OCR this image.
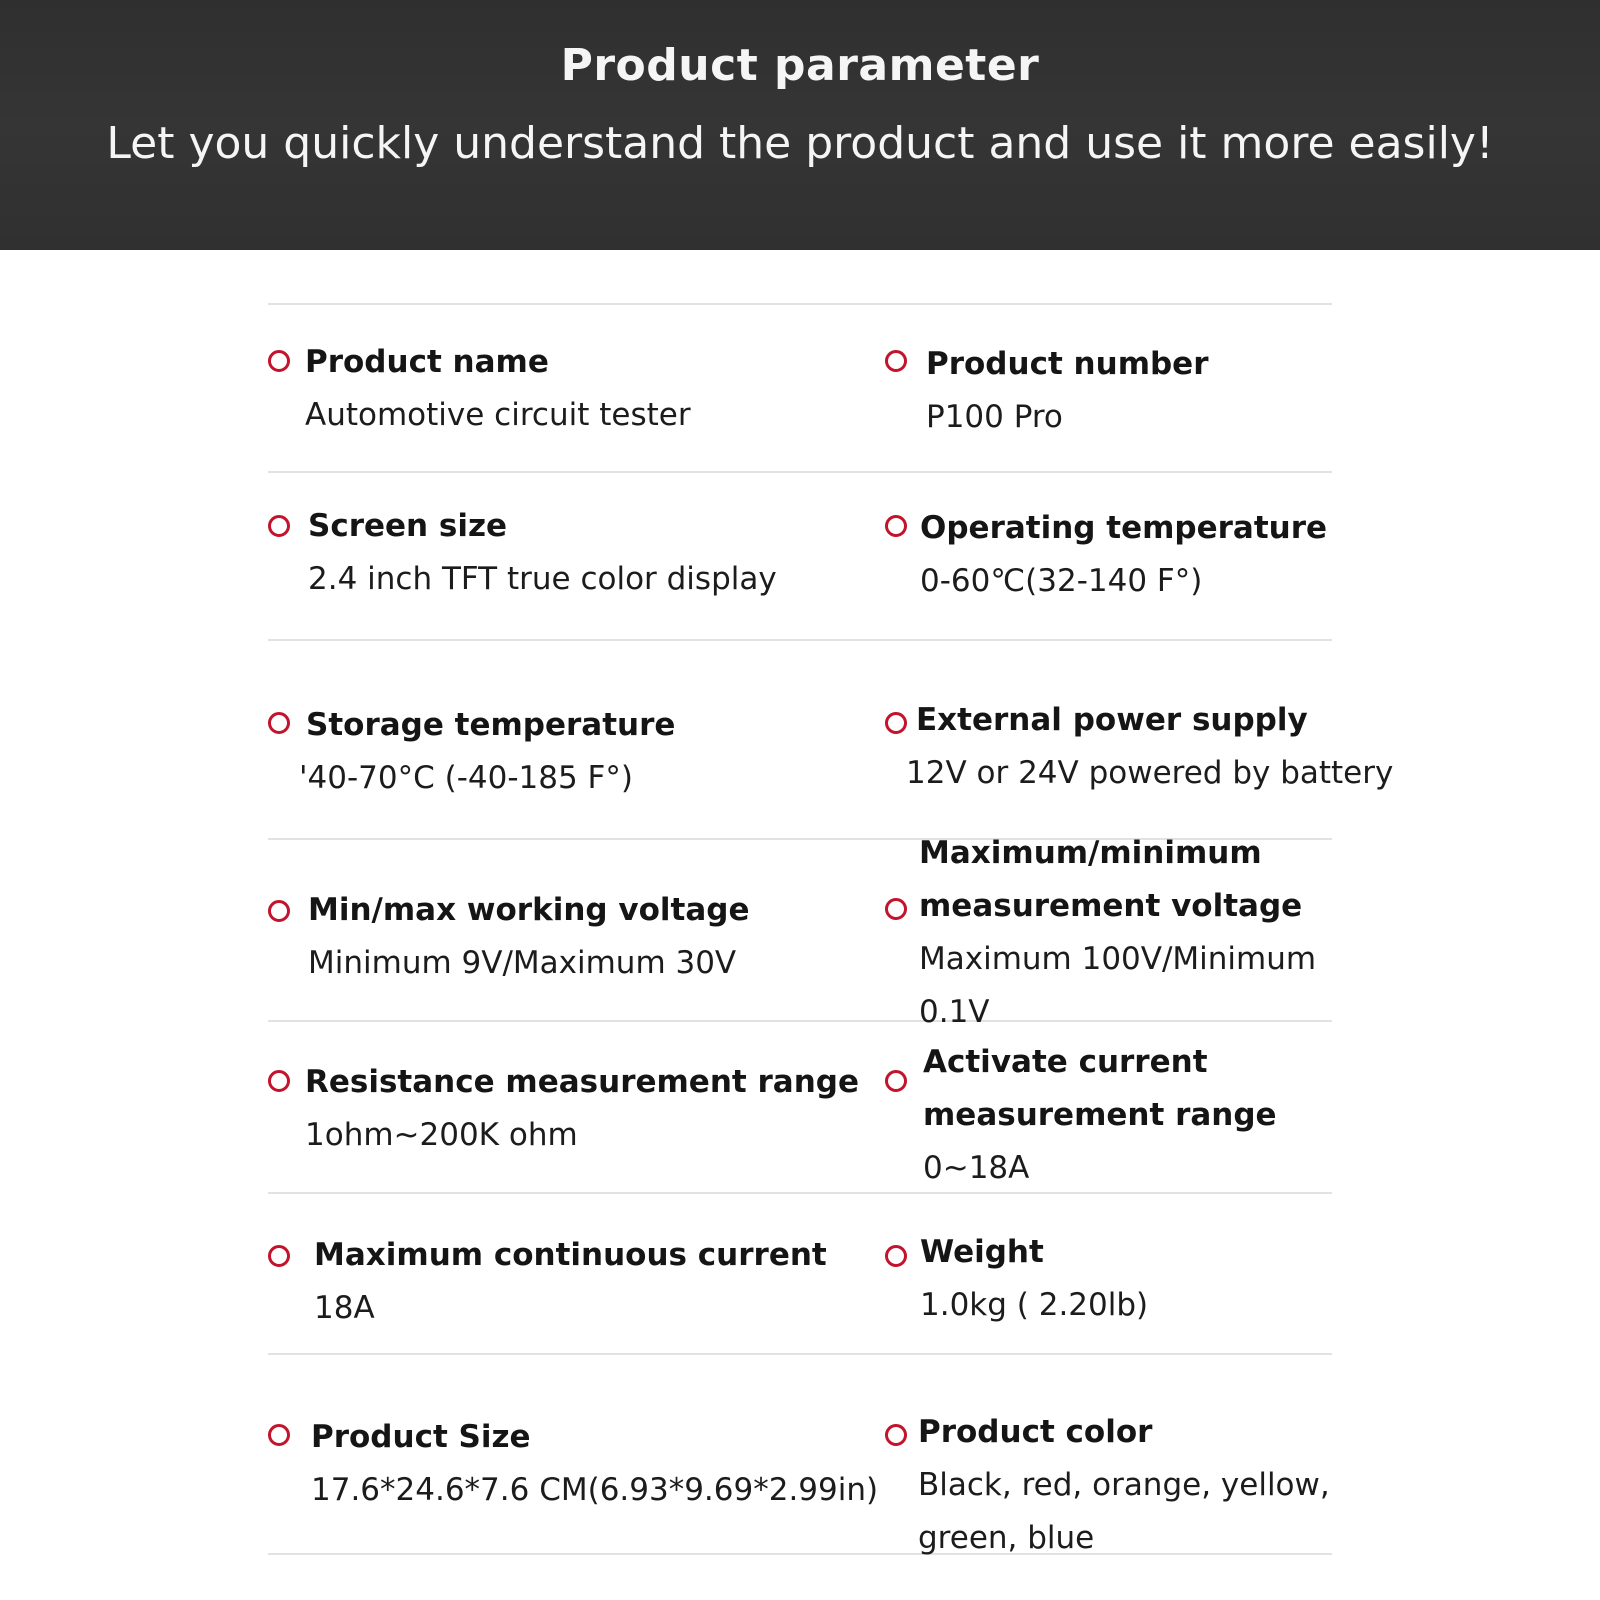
Product parameter
Let you quickly understand the product and use it more easily!
Product name
Automotive circuit tester
Product number
P100 Pro
Screen size
2.4 inch TFT true color display
Operating temperature
0-60℃(32-140 F°)
Storage temperature
'40-70°C (-40-185 F°)
External power supply
12V or 24V powered by battery
Min/max working voltage
Minimum 9V/Maximum 30V
Maximum/minimum
measurement voltage
Maximum 100V/Minimum
0.1V
Resistance measurement range
1ohm~200K ohm
Activate current
measurement range
0~18A
Maximum continuous current
18A
Weight
1.0kg ( 2.20lb)
Product Size
17.6*24.6*7.6 CM(6.93*9.69*2.99in)
Product color
Black, red, orange, yellow,
green, blue
